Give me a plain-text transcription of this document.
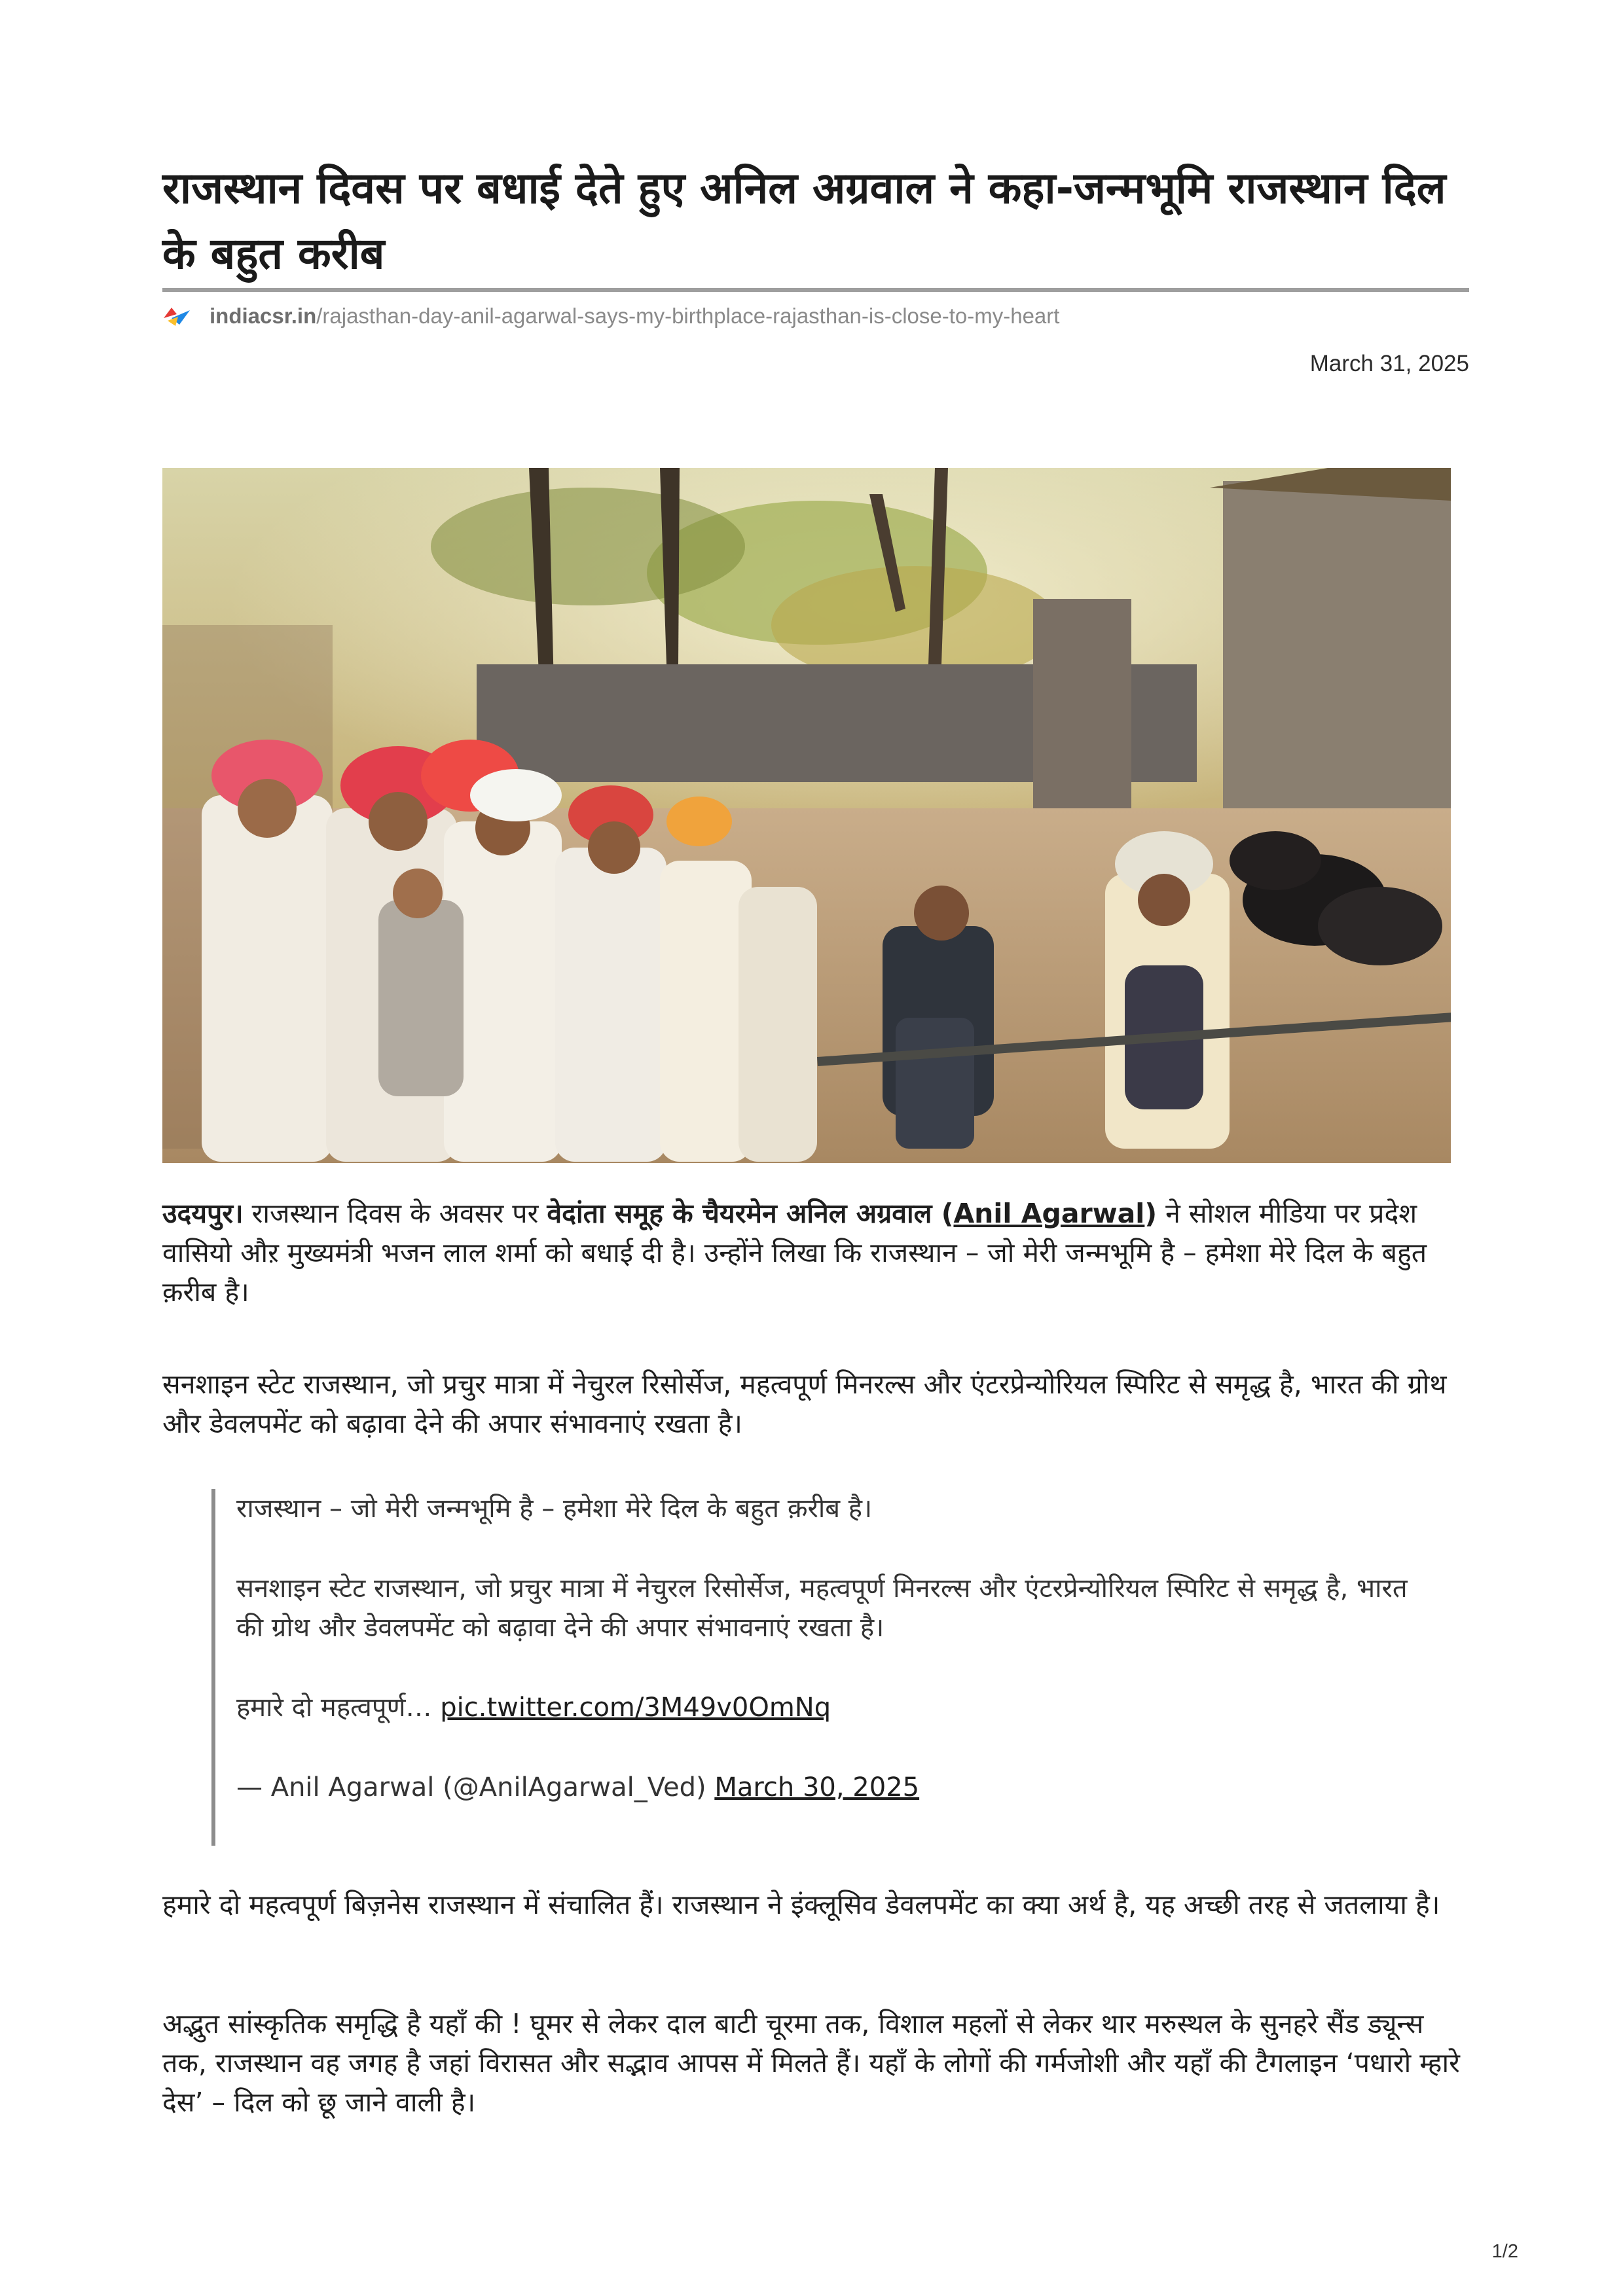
राजस्थान दिवस पर बधाई देते हुए अनिल अग्रवाल ने कहा-जन्मभूमि राजस्थान दिल के बहुत करीब
indiacsr.in /rajasthan-day-anil-agarwal-says-my-birthplace-rajasthan-is-close-to-my-heart
March 31, 2025

उदयपुर। राजस्थान दिवस के अवसर पर वेदांता समूह के चैयरमेन अनिल अग्रवाल (Anil Agarwal) ने सोशल मीडिया पर प्रदेश वासियो औऱ मुख्यमंत्री भजन लाल शर्मा को बधाई दी है। उन्होंने लिखा कि राजस्थान – जो मेरी जन्मभूमि है – हमेशा मेरे दिल के बहुत क़रीब है।

सनशाइन स्टेट राजस्थान, जो प्रचुर मात्रा में नेचुरल रिसोर्सेज, महत्वपूर्ण मिनरल्स और एंटरप्रेन्योरियल स्पिरिट से समृद्ध है, भारत की ग्रोथ और डेवलपमेंट को बढ़ावा देने की अपार संभावनाएं रखता है।

राजस्थान – जो मेरी जन्मभूमि है – हमेशा मेरे दिल के बहुत क़रीब है।

सनशाइन स्टेट राजस्थान, जो प्रचुर मात्रा में नेचुरल रिसोर्सेज, महत्वपूर्ण मिनरल्स और एंटरप्रेन्योरियल स्पिरिट से समृद्ध है, भारत की ग्रोथ और डेवलपमेंट को बढ़ावा देने की अपार संभावनाएं रखता है।

हमारे दो महत्वपूर्ण… pic.twitter.com/3M49v0OmNq

— Anil Agarwal (@AnilAgarwal_Ved) March 30, 2025

हमारे दो महत्वपूर्ण बिज़नेस राजस्थान में संचालित हैं। राजस्थान ने इंक्लूसिव डेवलपमेंट का क्या अर्थ है, यह अच्छी तरह से जतलाया है।

अद्भुत सांस्कृतिक समृद्धि है यहाँ की ! घूमर से लेकर दाल बाटी चूरमा तक, विशाल महलों से लेकर थार मरुस्थल के सुनहरे सैंड ड्यून्स तक, राजस्थान वह जगह है जहां विरासत और सद्भाव आपस में मिलते हैं। यहाँ के लोगों की गर्मजोशी और यहाँ की टैगलाइन ‘पधारो म्हारे देस’ – दिल को छू जाने वाली है।

1/2
